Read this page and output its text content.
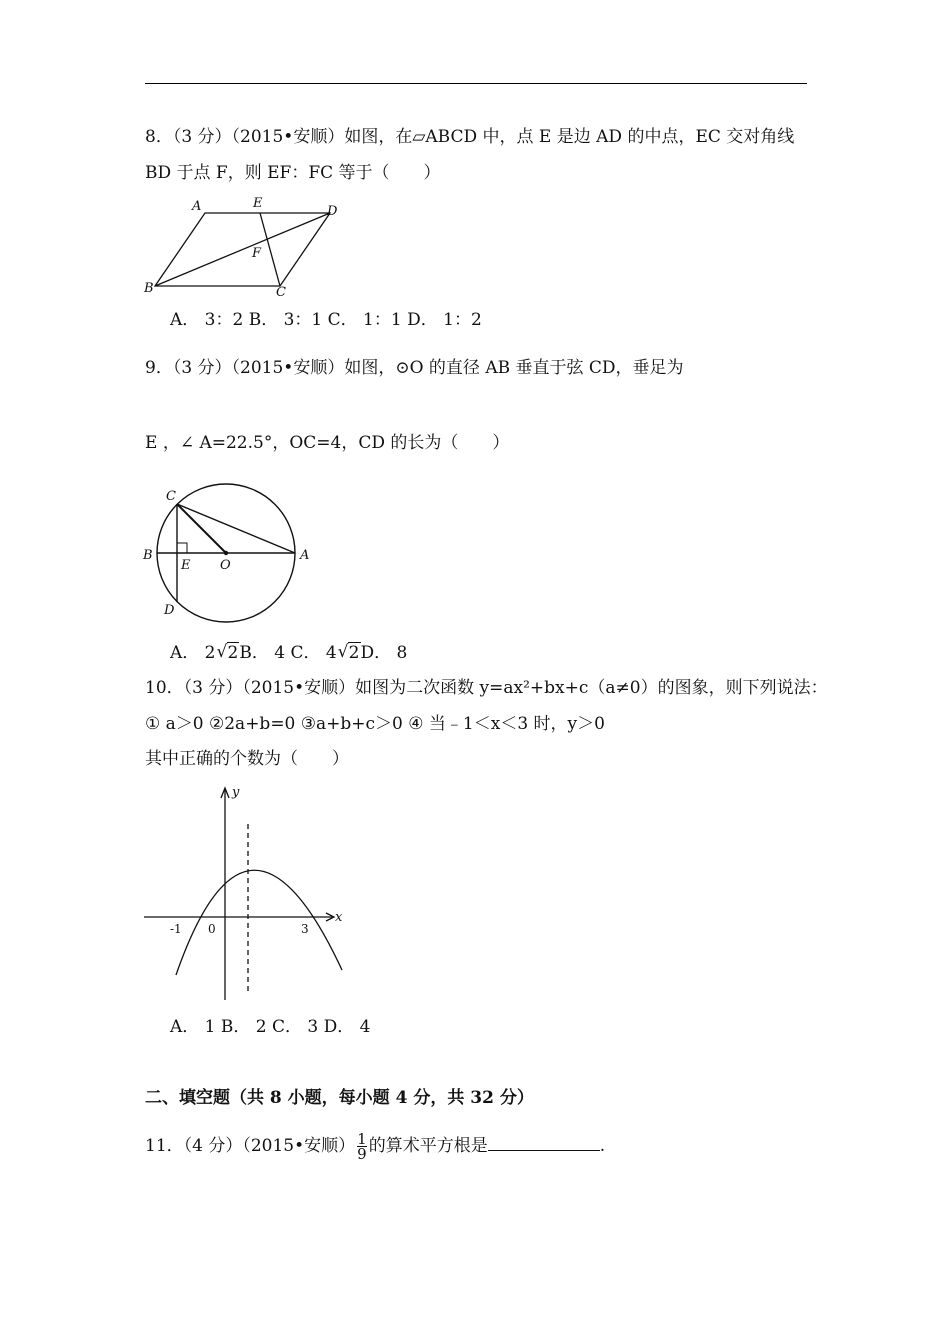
8．（3 分）（2015•安顺）如图，在▱ABCD 中，点 E 是边 AD 的中点，EC 交对角线
BD 于点 F，则 EF：FC 等于（　　）
A	E
D
F
B	C
A． 3：2 B． 3：1 C． 1：1 D． 1：2
9．（3 分）（2015•安顺）如图，⊙O 的直径 AB 垂直于弦 CD，垂足为
E ，∠ A=22.5°，OC=4，CD 的长为（　　）
C
B
E O
A
D
A． 2 √ 2B． 4 C． 4 √ 2D． 8
10．（3 分）（2015•安顺）如图为二次函数 y=ax²+bx+c（a≠0）的图象，则下列说法：
① a＞0 ②2a+b=0 ③a+b+c＞0 ④ 当﹣1＜x＜3 时，y＞0
其中正确的个数为（　　）
y
x
-1 0	3
A． 1 B． 2 C． 3 D． 4
二、填空题（共 8 小题，每小题 4 分，共 32 分）
11．（4 分）（2015•安顺） $\frac{1}{9}$ 的算术平方根是	.
